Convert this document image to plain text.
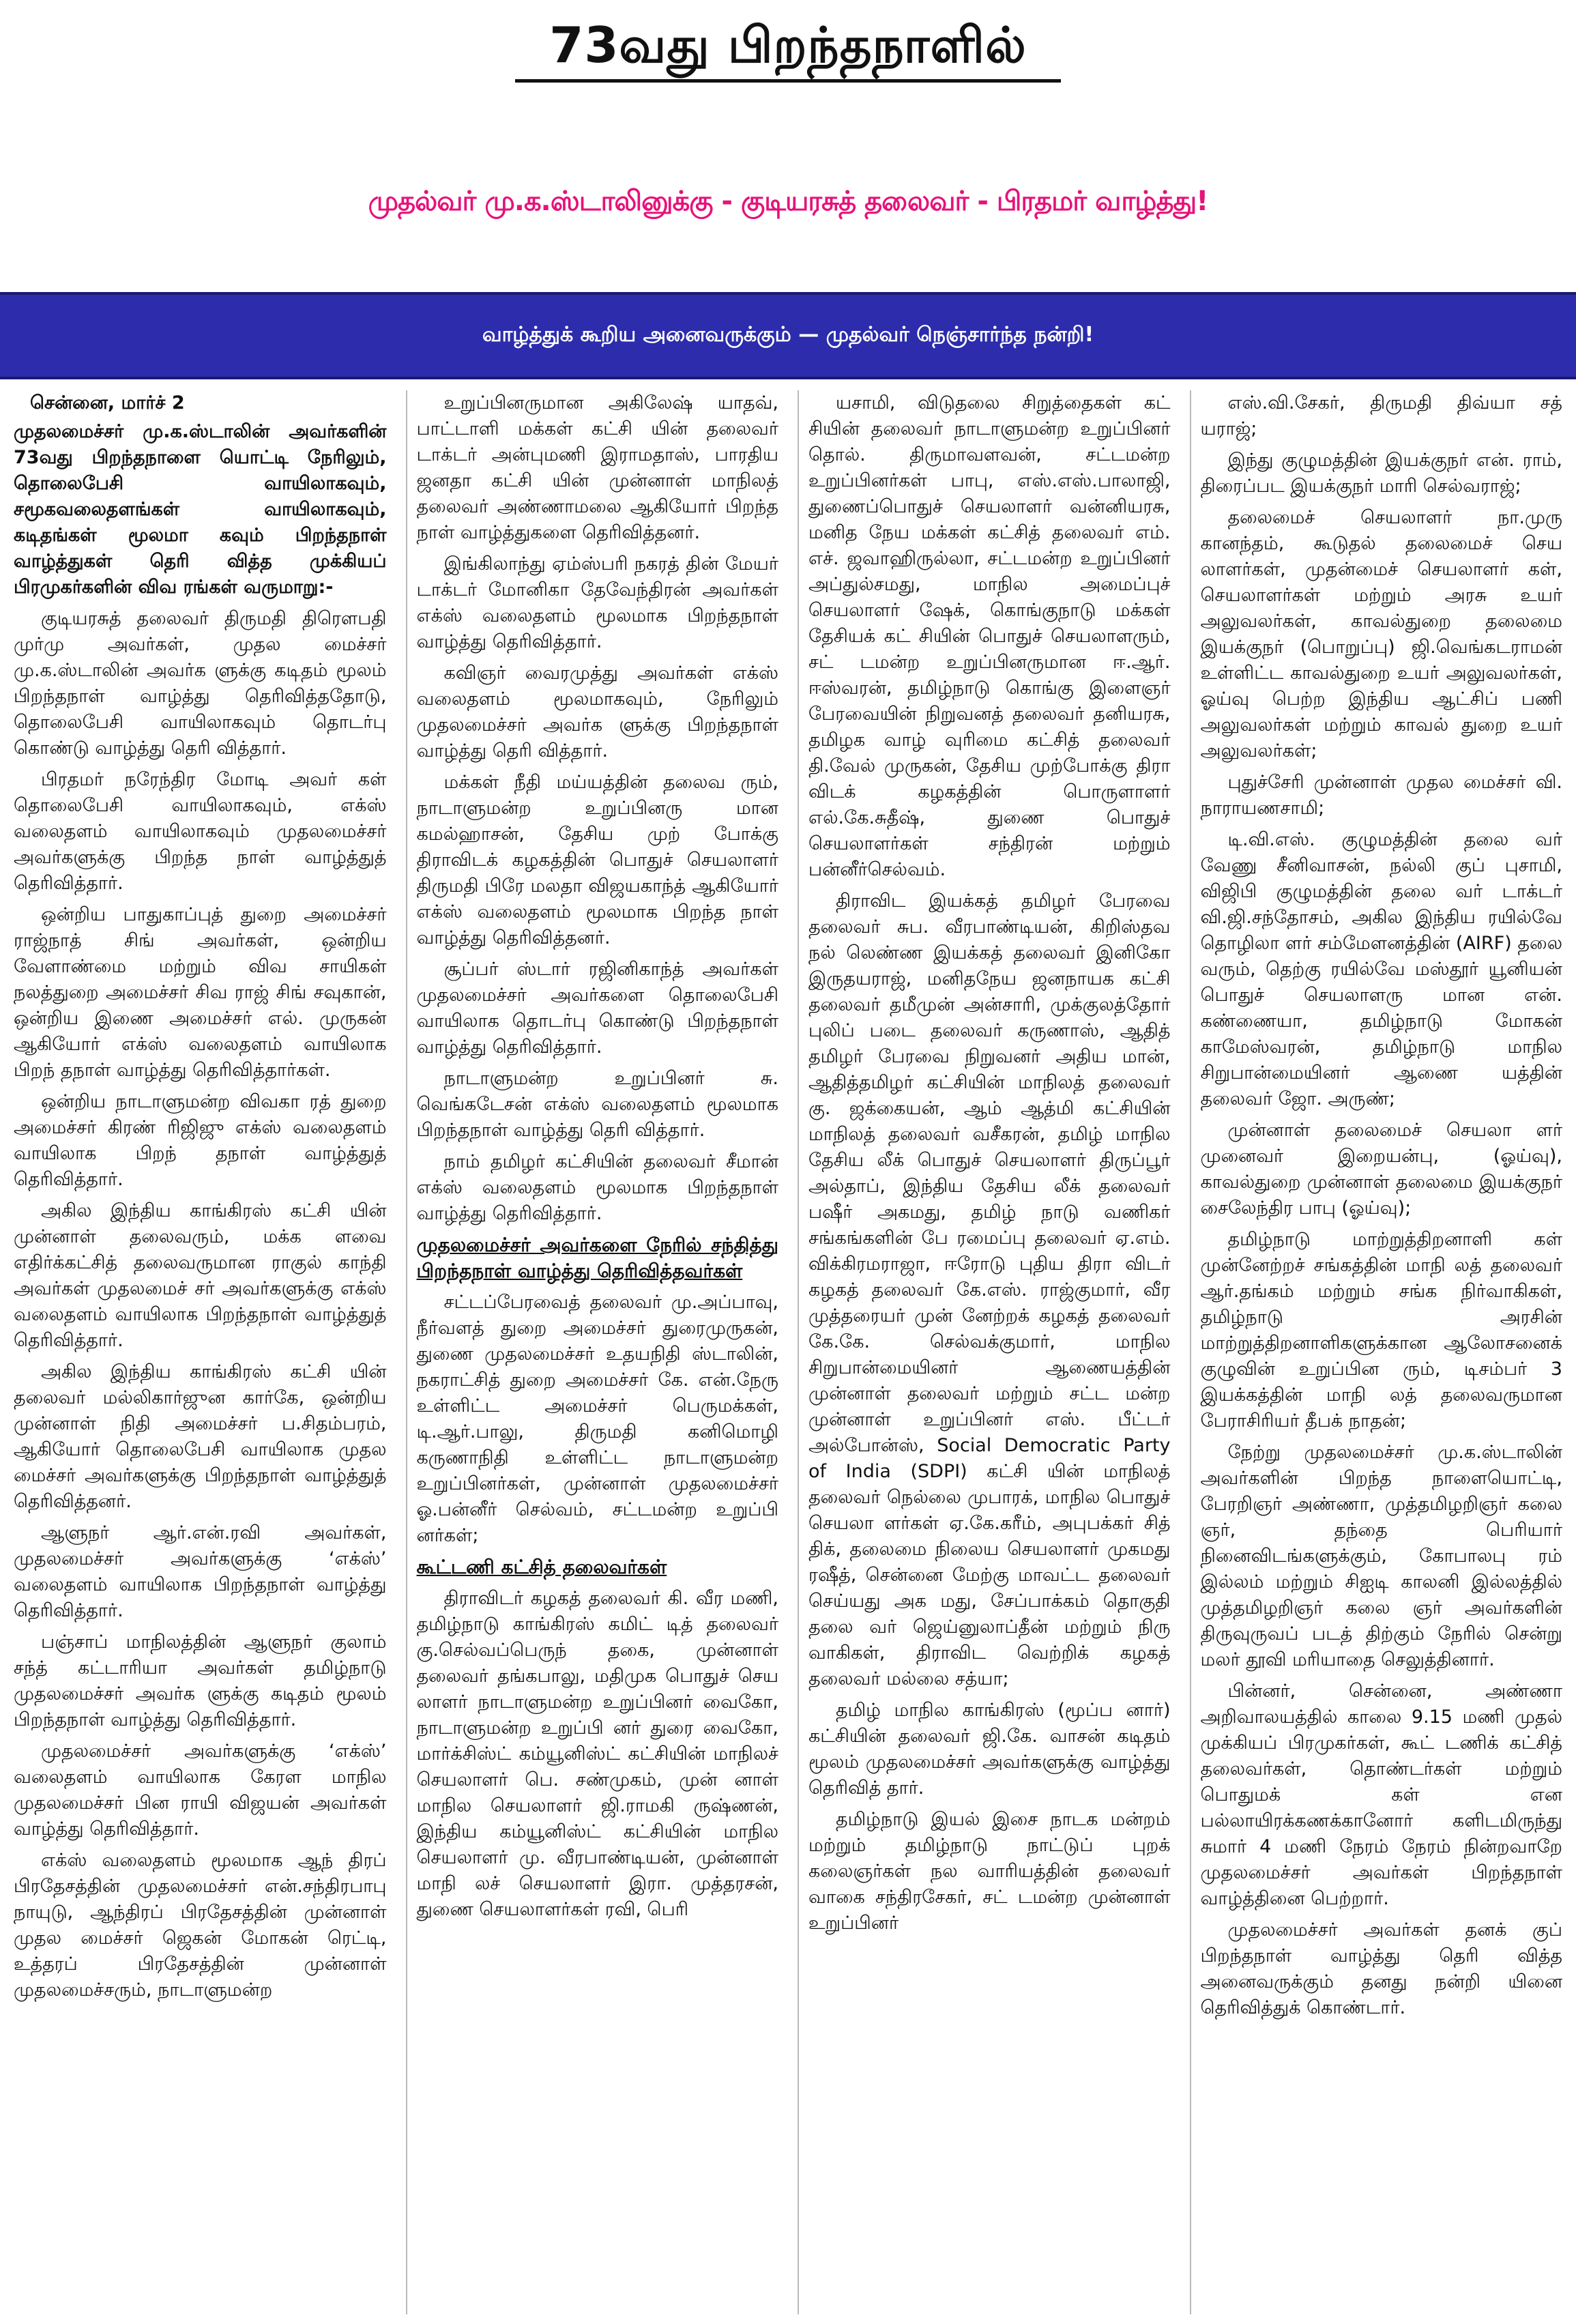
73வது பிறந்தநாளில்
முதல்வர் மு.க.ஸ்டாலினுக்கு - குடியரசுத் தலைவர் - பிரதமர் வாழ்த்து!
வாழ்த்துக் கூறிய அனைவருக்கும் — முதல்வர் நெஞ்சார்ந்த நன்றி!

சென்னை, மார்ச் 2

முதலமைச்சர் மு.க.ஸ்டாலின் அவர்களின் 73வது பிறந்தநாளை யொட்டி நேரிலும், தொலைபேசி வாயிலாகவும், சமூகவலைதளங்கள் வாயிலாகவும், கடிதங்கள் மூலமா கவும் பிறந்தநாள் வாழ்த்துகள் தெரி வித்த முக்கியப் பிரமுகர்களின் விவ ரங்கள் வருமாறு:-

குடியரசுத் தலைவர் திருமதி திரௌபதி முர்மு அவர்கள், முதல மைச்சர் மு.க.ஸ்டாலின் அவர்க ளுக்கு கடிதம் மூலம் பிறந்தநாள் வாழ்த்து தெரிவித்ததோடு, தொலைபேசி வாயிலாகவும் தொடர்பு கொண்டு வாழ்த்து தெரி வித்தார்.

பிரதமர் நரேந்திர மோடி அவர் கள் தொலைபேசி வாயிலாகவும், எக்ஸ் வலைதளம் வாயிலாகவும் முதலமைச்சர் அவர்களுக்கு பிறந்த நாள் வாழ்த்துத் தெரிவித்தார்.

ஒன்றிய பாதுகாப்புத் துறை அமைச்சர் ராஜ்நாத் சிங் அவர்கள், ஒன்றிய வேளாண்மை மற்றும் விவ சாயிகள் நலத்துறை அமைச்சர் சிவ ராஜ் சிங் சவுகான், ஒன்றிய இணை அமைச்சர் எல். முருகன் ஆகியோர் எக்ஸ் வலைதளம் வாயிலாக பிறந் தநாள் வாழ்த்து தெரிவித்தார்கள்.

ஒன்றிய நாடாளுமன்ற விவகா ரத் துறை அமைச்சர் கிரண் ரிஜிஜு எக்ஸ் வலைதளம் வாயிலாக பிறந் தநாள் வாழ்த்துத் தெரிவித்தார்.

அகில இந்திய காங்கிரஸ் கட்சி யின் முன்னாள் தலைவரும், மக்க ளவை எதிர்க்கட்சித் தலைவருமான ராகுல் காந்தி அவர்கள் முதலமைச் சர் அவர்களுக்கு எக்ஸ் வலைதளம் வாயிலாக பிறந்தநாள் வாழ்த்துத் தெரிவித்தார்.

அகில இந்திய காங்கிரஸ் கட்சி யின் தலைவர் மல்லிகார்ஜுன கார்கே, ஒன்றிய முன்னாள் நிதி அமைச்சர் ப.சிதம்பரம், ஆகியோர் தொலைபேசி வாயிலாக முதல மைச்சர் அவர்களுக்கு பிறந்தநாள் வாழ்த்துத் தெரிவித்தனர்.

ஆளுநர் ஆர்.என்.ரவி அவர்கள், முதலமைச்சர் அவர்களுக்கு ‘எக்ஸ்’ வலைதளம் வாயிலாக பிறந்தநாள் வாழ்த்து தெரிவித்தார்.

பஞ்சாப் மாநிலத்தின் ஆளுநர் குலாம் சந்த் கட்டாரியா அவர்கள் தமிழ்நாடு முதலமைச்சர் அவர்க ளுக்கு கடிதம் மூலம் பிறந்தநாள் வாழ்த்து தெரிவித்தார்.

முதலமைச்சர் அவர்களுக்கு ‘எக்ஸ்’ வலைதளம் வாயிலாக கேரள மாநில முதலமைச்சர் பின ராயி விஜயன் அவர்கள் வாழ்த்து தெரிவித்தார்.

எக்ஸ் வலைதளம் மூலமாக ஆந் திரப் பிரதேசத்தின் முதலமைச்சர் என்.சந்திரபாபு நாயுடு, ஆந்திரப் பிரதேசத்தின் முன்னாள் முதல மைச்சர் ஜெகன் மோகன் ரெட்டி, உத்தரப் பிரதேசத்தின் முன்னாள் முதலமைச்சரும், நாடாளுமன்ற

உறுப்பினருமான அகிலேஷ் யாதவ், பாட்டாளி மக்கள் கட்சி யின் தலைவர் டாக்டர் அன்புமணி இராமதாஸ், பாரதிய ஜனதா கட்சி யின் முன்னாள் மாநிலத் தலைவர் அண்ணாமலை ஆகியோர் பிறந்த நாள் வாழ்த்துகளை தெரிவித்தனர்.

இங்கிலாந்து ஏம்ஸ்பரி நகரத் தின் மேயர் டாக்டர் மோனிகா தேவேந்திரன் அவர்கள் எக்ஸ் வலைதளம் மூலமாக பிறந்தநாள் வாழ்த்து தெரிவித்தார்.

கவிஞர் வைரமுத்து அவர்கள் எக்ஸ் வலைதளம் மூலமாகவும், நேரிலும் முதலமைச்சர் அவர்க ளுக்கு பிறந்தநாள் வாழ்த்து தெரி வித்தார்.

மக்கள் நீதி மய்யத்தின் தலைவ ரும், நாடாளுமன்ற உறுப்பினரு மான கமல்ஹாசன், தேசிய முற் போக்கு திராவிடக் கழகத்தின் பொதுச் செயலாளர் திருமதி பிரே மலதா விஜயகாந்த் ஆகியோர் எக்ஸ் வலைதளம் மூலமாக பிறந்த நாள் வாழ்த்து தெரிவித்தனர்.

சூப்பர் ஸ்டார் ரஜினிகாந்த் அவர்கள் முதலமைச்சர் அவர்களை தொலைபேசி வாயிலாக தொடர்பு கொண்டு பிறந்தநாள் வாழ்த்து தெரிவித்தார்.

நாடாளுமன்ற உறுப்பினர் சு. வெங்கடேசன் எக்ஸ் வலைதளம் மூலமாக பிறந்தநாள் வாழ்த்து தெரி வித்தார்.

நாம் தமிழர் கட்சியின் தலைவர் சீமான் எக்ஸ் வலைதளம் மூலமாக பிறந்தநாள் வாழ்த்து தெரிவித்தார்.

முதலமைச்சர் அவர்களை நேரில் சந்தித்து பிறந்தநாள் வாழ்த்து தெரிவித்தவர்கள்

சட்டப்பேரவைத் தலைவர் மு.அப்பாவு, நீர்வளத் துறை அமைச்சர் துரைமுருகன், துணை முதலமைச்சர் உதயநிதி ஸ்டாலின், நகராட்சித் துறை அமைச்சர் கே. என்.நேரு உள்ளிட்ட அமைச்சர் பெருமக்கள், டி.ஆர்.பாலு, திருமதி கனிமொழி கருணாநிதி உள்ளிட்ட நாடாளுமன்ற உறுப்பினர்கள், முன்னாள் முதலமைச்சர் ஓ.பன்னீர் செல்வம், சட்டமன்ற உறுப்பி னர்கள்;

கூட்டணி கட்சித் தலைவர்கள்

திராவிடர் கழகத் தலைவர் கி. வீர மணி, தமிழ்நாடு காங்கிரஸ் கமிட் டித் தலைவர் கு.செல்வப்பெருந் தகை, முன்னாள் தலைவர் தங்கபாலு, மதிமுக பொதுச் செய லாளர் நாடாளுமன்ற உறுப்பினர் வைகோ, நாடாளுமன்ற உறுப்பி னர் துரை வைகோ, மார்க்சிஸ்ட் கம்யூனிஸ்ட் கட்சியின் மாநிலச் செயலாளர் பெ. சண்முகம், முன் னாள் மாநில செயலாளர் ஜி.ராமகி ருஷ்ணன், இந்திய கம்யூனிஸ்ட் கட்சியின் மாநில செயலாளர் மு. வீரபாண்டியன், முன்னாள் மாநி லச் செயலாளர் இரா. முத்தரசன், துணை செயலாளர்கள் ரவி, பெரி

யசாமி, விடுதலை சிறுத்தைகள் கட் சியின் தலைவர் நாடாளுமன்ற உறுப்பினர் தொல். திருமாவளவன், சட்டமன்ற உறுப்பினர்கள் பாபு, எஸ்.எஸ்.பாலாஜி, துணைப்பொதுச் செயலாளர் வன்னியரசு, மனித நேய மக்கள் கட்சித் தலைவர் எம். எச். ஜவாஹிருல்லா, சட்டமன்ற உறுப்பினர் அப்துல்சமது, மாநில அமைப்புச் செயலாளர் ஷேக், கொங்குநாடு மக்கள் தேசியக் கட் சியின் பொதுச் செயலாளரும், சட் டமன்ற உறுப்பினருமான ஈ.ஆர். ஈஸ்வரன், தமிழ்நாடு கொங்கு இளைஞர் பேரவையின் நிறுவனத் தலைவர் தனியரசு, தமிழக வாழ் வுரிமை கட்சித் தலைவர் தி.வேல் முருகன், தேசிய முற்போக்கு திரா விடக் கழகத்தின் பொருளாளர் எல்.கே.சுதீஷ், துணை பொதுச் செயலாளர்கள் சந்திரன் மற்றும் பன்னீர்செல்வம்.

திராவிட இயக்கத் தமிழர் பேரவை தலைவர் சுப. வீரபாண்டியன், கிறிஸ்தவ நல் லெண்ண இயக்கத் தலைவர் இனிகோ இருதயராஜ், மனிதநேய ஜனநாயக கட்சி தலைவர் தமீமுன் அன்சாரி, முக்குலத்தோர் புலிப் படை தலைவர் கருணாஸ், ஆதித் தமிழர் பேரவை நிறுவனர் அதிய மான், ஆதித்தமிழர் கட்சியின் மாநிலத் தலைவர் கு. ஜக்கையன், ஆம் ஆத்மி கட்சியின் மாநிலத் தலைவர் வசீகரன், தமிழ் மாநில தேசிய லீக் பொதுச் செயலாளர் திருப்பூர் அல்தாப், இந்திய தேசிய லீக் தலைவர் பஷீர் அகமது, தமிழ் நாடு வணிகர் சங்கங்களின் பே ரமைப்பு தலைவர் ஏ.எம். விக்கிரமராஜா, ஈரோடு புதிய திரா விடர் கழகத் தலைவர் கே.எஸ். ராஜ்குமார், வீர முத்தரையர் முன் னேற்றக் கழகத் தலைவர் கே.கே. செல்வக்குமார், மாநில சிறுபான்மையினர் ஆணையத்தின் முன்னாள் தலைவர் மற்றும் சட்ட மன்ற முன்னாள் உறுப்பினர் எஸ். பீட்டர் அல்போன்ஸ், Social Democratic Party of India (SDPI) கட்சி யின் மாநிலத் தலைவர் நெல்லை முபாரக், மாநில பொதுச் செயலா ளர்கள் ஏ.கே.கரீம், அபுபக்கர் சித் திக், தலைமை நிலைய செயலாளர் முகமது ரஷீத், சென்னை மேற்கு மாவட்ட தலைவர் செய்யது அக மது, சேப்பாக்கம் தொகுதி தலை வர் ஜெய்னுலாப்தீன் மற்றும் நிரு வாகிகள், திராவிட வெற்றிக் கழகத் தலைவர் மல்லை சத்யா;

தமிழ் மாநில காங்கிரஸ் (மூப்ப னார்) கட்சியின் தலைவர் ஜி.கே. வாசன் கடிதம் மூலம் முதலமைச்சர் அவர்களுக்கு வாழ்த்து தெரிவித் தார்.

தமிழ்நாடு இயல் இசை நாடக மன்றம் மற்றும் தமிழ்நாடு நாட்டுப் புறக் கலைஞர்கள் நல வாரியத்தின் தலைவர் வாகை சந்திரசேகர், சட் டமன்ற முன்னாள் உறுப்பினர்

எஸ்.வி.சேகர், திருமதி திவ்யா சத் யராஜ்;

இந்து குழுமத்தின் இயக்குநர் என். ராம், திரைப்பட இயக்குநர் மாரி செல்வராஜ்;

தலைமைச் செயலாளர் நா.முரு கானந்தம், கூடுதல் தலைமைச் செய லாளர்கள், முதன்மைச் செயலாளர் கள், செயலாளர்கள் மற்றும் அரசு உயர் அலுவலர்கள், காவல்துறை தலைமை இயக்குநர் (பொறுப்பு) ஜி.வெங்கடராமன் உள்ளிட்ட காவல்துறை உயர் அலுவலர்கள், ஓய்வு பெற்ற இந்திய ஆட்சிப் பணி அலுவலர்கள் மற்றும் காவல் துறை உயர் அலுவலர்கள்;

புதுச்சேரி முன்னாள் முதல மைச்சர் வி. நாராயணசாமி;

டி.வி.எஸ். குழுமத்தின் தலை வர் வேணு சீனிவாசன், நல்லி குப் புசாமி, விஜிபி குழுமத்தின் தலை வர் டாக்டர் வி.ஜி.சந்தோசம், அகில இந்திய ரயில்வே தொழிலா ளர் சம்மேளனத்தின் (AIRF) தலை வரும், தெற்கு ரயில்வே மஸ்தூர் யூனியன் பொதுச் செயலாளரு மான என். கண்ணையா, தமிழ்நாடு மோகன் காமேஸ்வரன், தமிழ்நாடு மாநில சிறுபான்மையினர் ஆணை யத்தின் தலைவர் ஜோ. அருண்;

முன்னாள் தலைமைச் செயலா ளர் முனைவர் இறையன்பு, (ஓய்வு), காவல்துறை முன்னாள் தலைமை இயக்குநர் சைலேந்திர பாபு (ஓய்வு);

தமிழ்நாடு மாற்றுத்திறனாளி கள் முன்னேற்றச் சங்கத்தின் மாநி லத் தலைவர் ஆர்.தங்கம் மற்றும் சங்க நிர்வாகிகள், தமிழ்நாடு அரசின் மாற்றுத்திறனாளிகளுக்கான ஆலோசனைக் குழுவின் உறுப்பின ரும், டிசம்பர் 3 இயக்கத்தின் மாநி லத் தலைவருமான பேராசிரியர் தீபக் நாதன்;

நேற்று முதலமைச்சர் மு.க.ஸ்டாலின் அவர்களின் பிறந்த நாளையொட்டி, பேரறிஞர் அண்ணா, முத்தமிழறிஞர் கலை ஞர், தந்தை பெரியார் நினைவிடங்களுக்கும், கோபாலபு ரம் இல்லம் மற்றும் சிஐடி காலனி இல்லத்தில் முத்தமிழறிஞர் கலை ஞர் அவர்களின் திருவுருவப் படத் திற்கும் நேரில் சென்று மலர் தூவி மரியாதை செலுத்தினார்.

பின்னர், சென்னை, அண்ணா அறிவாலயத்தில் காலை 9.15 மணி முதல் முக்கியப் பிரமுகர்கள், கூட் டணிக் கட்சித் தலைவர்கள், தொண்டர்கள் மற்றும் பொதுமக் கள் என பல்லாயிரக்கணக்கானோர் களிடமிருந்து சுமார் 4 மணி நேரம் நேரம் நின்றவாறே முதலமைச்சர் அவர்கள் பிறந்தநாள் வாழ்த்தினை பெற்றார்.

முதலமைச்சர் அவர்கள் தனக் குப் பிறந்தநாள் வாழ்த்து தெரி வித்த அனைவருக்கும் தனது நன்றி யினை தெரிவித்துக் கொண்டார்.
